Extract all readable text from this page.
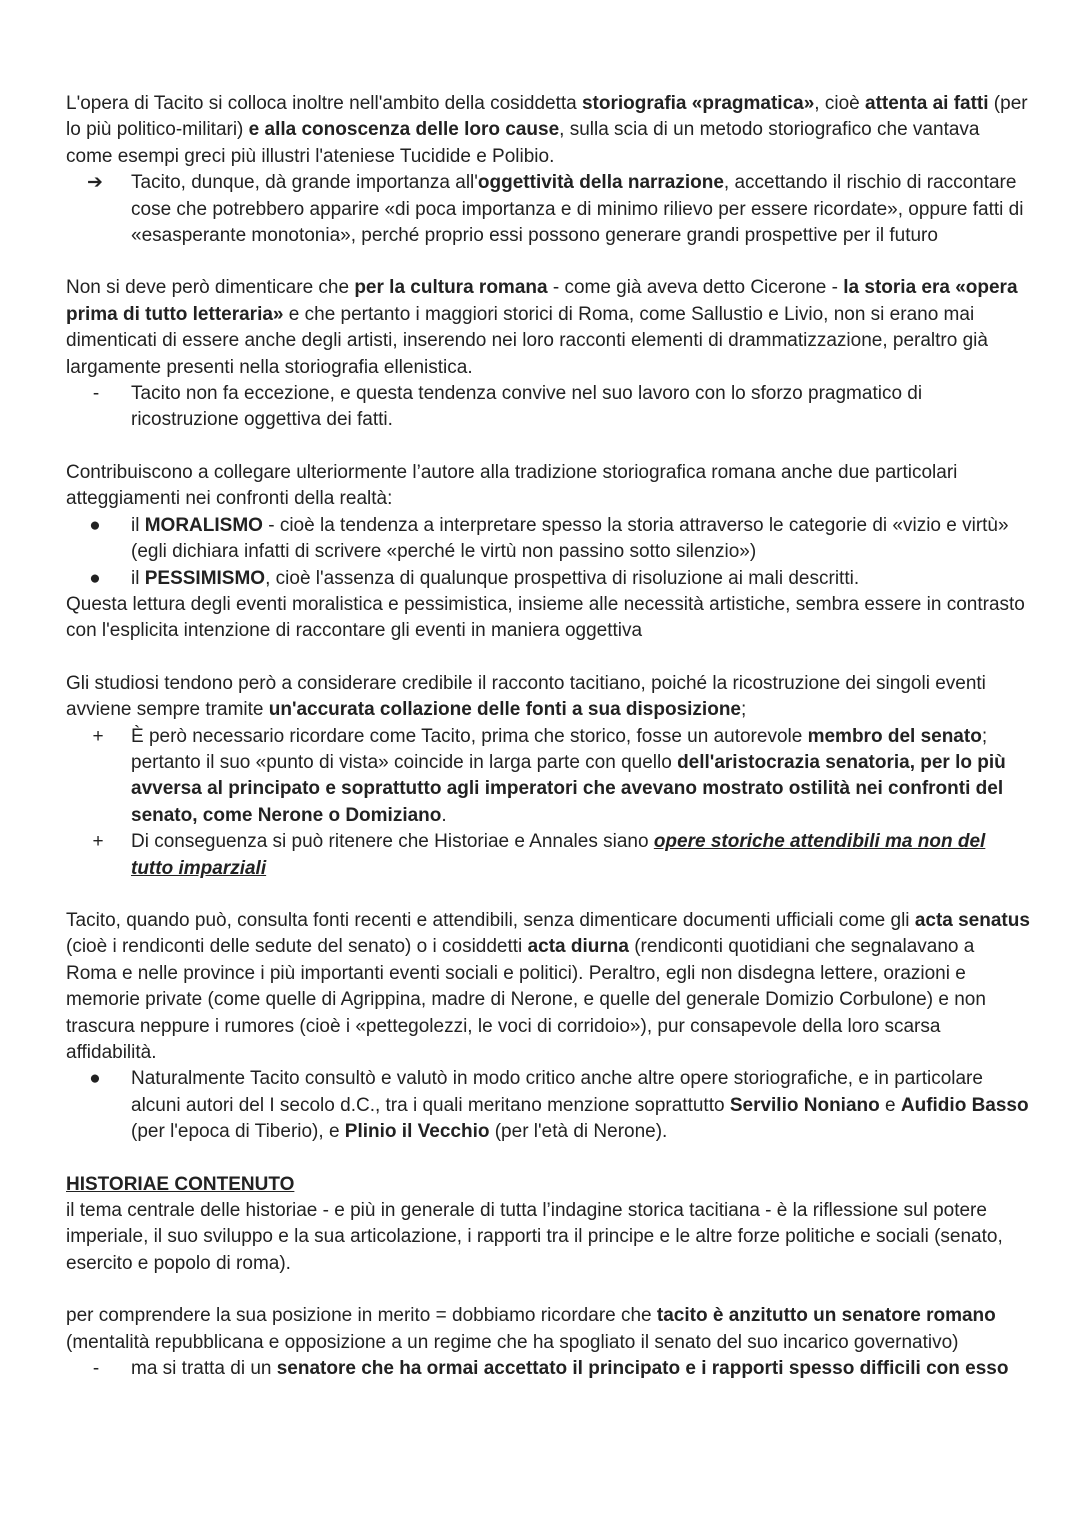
L'opera di Tacito si colloca inoltre nell'ambito della cosiddetta storiografia «pragmatica», cioè attenta ai fatti (per lo più politico-militari) e alla conoscenza delle loro cause, sulla scia di un metodo storiografico che vantava come esempi greci più illustri l'ateniese Tucidide e Polibio.

➔	Tacito, dunque, dà grande importanza all'oggettività della narrazione, accettando il rischio di raccontare cose che potrebbero apparire «di poca importanza e di minimo rilievo per essere ricordate», oppure fatti di «esasperante monotonia», perché proprio essi possono generare grandi prospettive per il futuro

Non si deve però dimenticare che per la cultura romana - come già aveva detto Cicerone - la storia era «opera prima di tutto letteraria» e che pertanto i maggiori storici di Roma, come Sallustio e Livio, non si erano mai dimenticati di essere anche degli artisti, inserendo nei loro racconti elementi di drammatizzazione, peraltro già largamente presenti nella storiografia ellenistica.

- Tacito non fa eccezione, e questa tendenza convive nel suo lavoro con lo sforzo pragmatico di ricostruzione oggettiva dei fatti.

Contribuiscono a collegare ulteriormente l’autore alla tradizione storiografica romana anche due particolari atteggiamenti nei confronti della realtà:

●	il MORALISMO - cioè la tendenza a interpretare spesso la storia attraverso le categorie di «vizio e virtù» (egli dichiara infatti di scrivere «perché le virtù non passino sotto silenzio»)
●	il PESSIMISMO, cioè l'assenza di qualunque prospettiva di risoluzione ai mali descritti.

Questa lettura degli eventi moralistica e pessimistica, insieme alle necessità artistiche, sembra essere in contrasto con l'esplicita intenzione di raccontare gli eventi in maniera oggettiva

Gli studiosi tendono però a considerare credibile il racconto tacitiano, poiché la ricostruzione dei singoli eventi avviene sempre tramite un'accurata collazione delle fonti a sua disposizione;

+ È però necessario ricordare come Tacito, prima che storico, fosse un autorevole membro del senato; pertanto il suo «punto di vista» coincide in larga parte con quello dell'aristocrazia senatoria, per lo più avversa al principato e soprattutto agli imperatori che avevano mostrato ostilità nei confronti del senato, come Nerone o Domiziano.
+ Di conseguenza si può ritenere che Historiae e Annales siano opere storiche attendibili ma non del tutto imparziali

Tacito, quando può, consulta fonti recenti e attendibili, senza dimenticare documenti ufficiali come gli acta senatus (cioè i rendiconti delle sedute del senato) o i cosiddetti acta diurna (rendiconti quotidiani che segnalavano a Roma e nelle province i più importanti eventi sociali e politici). Peraltro, egli non disdegna lettere, orazioni e memorie private (come quelle di Agrippina, madre di Nerone, e quelle del generale Domizio Corbulone) e non trascura neppure i rumores (cioè i «pettegolezzi, le voci di corridoio»), pur consapevole della loro scarsa affidabilità.

●	Naturalmente Tacito consultò e valutò in modo critico anche altre opere storiografiche, e in particolare alcuni autori del I secolo d.C., tra i quali meritano menzione soprattutto Servilio Noniano e Aufidio Basso (per l'epoca di Tiberio), e Plinio il Vecchio (per l'età di Nerone).

HISTORIAE CONTENUTO

il tema centrale delle historiae - e più in generale di tutta l’indagine storica tacitiana - è la riflessione sul potere imperiale, il suo sviluppo e la sua articolazione, i rapporti tra il principe e le altre forze politiche e sociali (senato, esercito e popolo di roma).

per comprendere la sua posizione in merito = dobbiamo ricordare che tacito è anzitutto un senatore romano (mentalità repubblicana e opposizione a un regime che ha spogliato il senato del suo incarico governativo)

- ma si tratta di un senatore che ha ormai accettato il principato e i rapporti spesso difficili con esso
